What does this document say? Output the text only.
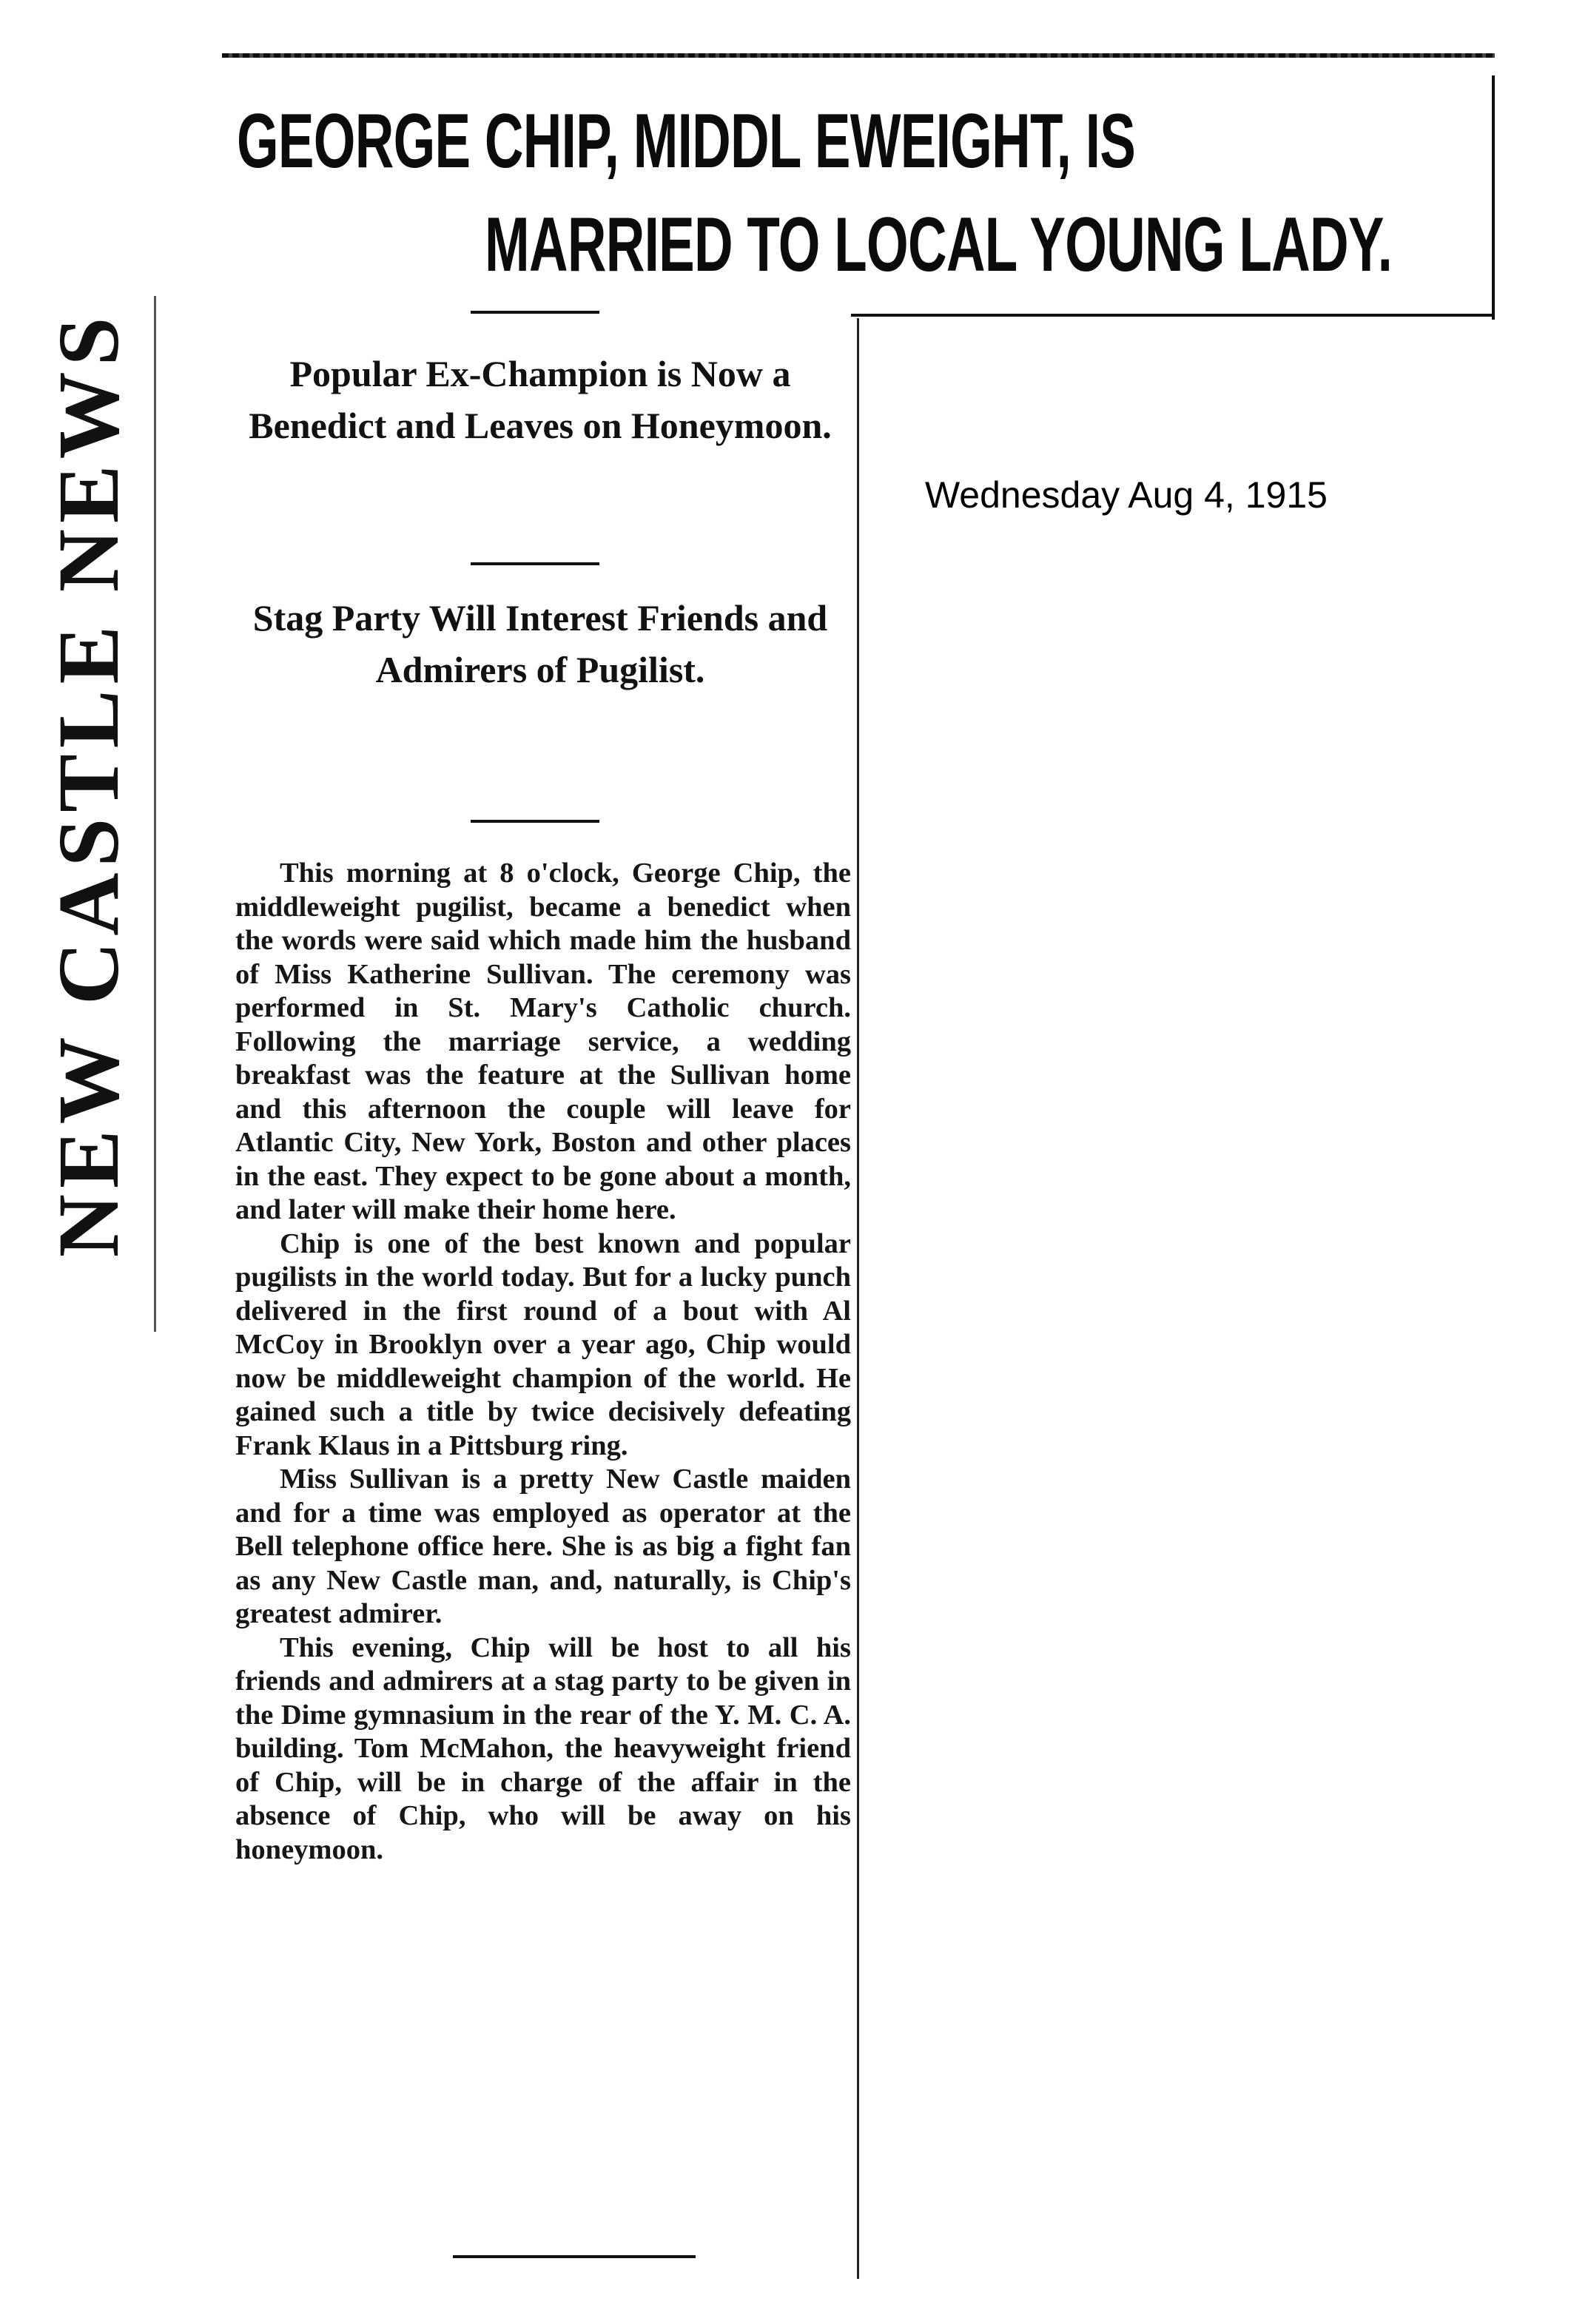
NEW CASTLE NEWS
GEORGE CHIP, MIDDL EWEIGHT, IS
MARRIED TO LOCAL YOUNG LADY.
Popular Ex-Champion is Now a Benedict and Leaves on Honeymoon.
Stag Party Will Interest Friends and Admirers of Pugilist.

This morning at 8 o'clock, George Chip, the middleweight pugilist, became a benedict when the words were said which made him the husband of Miss Katherine Sullivan. The ceremony was performed in St. Mary's Catholic church. Following the marriage service, a wedding breakfast was the feature at the Sullivan home and this afternoon the couple will leave for Atlantic City, New York, Boston and other places in the east. They expect to be gone about a month, and later will make their home here.

Chip is one of the best known and popular pugilists in the world today. But for a lucky punch delivered in the first round of a bout with Al McCoy in Brooklyn over a year ago, Chip would now be middleweight champion of the world. He gained such a title by twice decisively defeating Frank Klaus in a Pittsburg ring.

Miss Sullivan is a pretty New Castle maiden and for a time was employed as operator at the Bell telephone office here. She is as big a fight fan as any New Castle man, and, naturally, is Chip's greatest admirer.

This evening, Chip will be host to all his friends and admirers at a stag party to be given in the Dime gymnasium in the rear of the Y. M. C. A. building. Tom McMahon, the heavyweight friend of Chip, will be in charge of the affair in the absence of Chip, who will be away on his honeymoon.

Wednesday Aug 4, 1915
